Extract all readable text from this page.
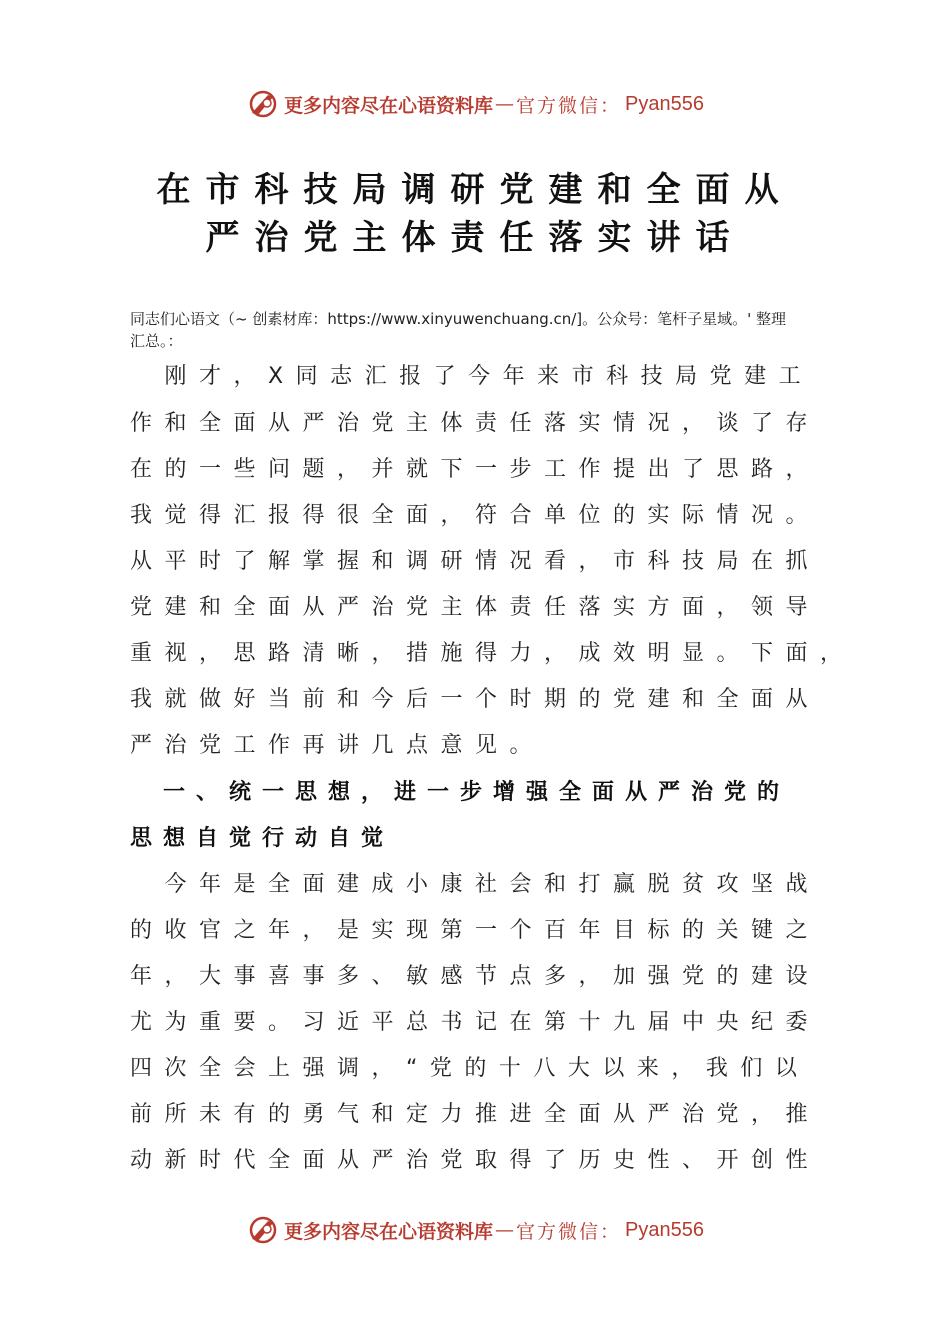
更多内容尽在心语资料库 — 官方微信： Pyan556
在市科技局调研党建和全面从
严治党主体责任落实讲话
同志们心语文（~ 创素材库：https://www.xinyuwenchuang.cn/]。公众号：笔杆子星域。' 整理
汇总。：
　刚才，X同志汇报了今年来市科技局党建工
作和全面从严治党主体责任落实情况，谈了存
在的一些问题，并就下一步工作提出了思路，
我觉得汇报得很全面，符合单位的实际情况。
从平时了解掌握和调研情况看，市科技局在抓
党建和全面从严治党主体责任落实方面，领导
重视，思路清晰，措施得力，成效明显。下面，
我就做好当前和今后一个时期的党建和全面从
严治党工作再讲几点意见。
　一、统一思想，进一步增强全面从严治党的
思想自觉行动自觉
　今年是全面建成小康社会和打赢脱贫攻坚战
的收官之年，是实现第一个百年目标的关键之
年，大事喜事多、敏感节点多，加强党的建设
尤为重要。习近平总书记在第十九届中央纪委
四次全会上强调，“党的十八大以来，我们以
前所未有的勇气和定力推进全面从严治党，推
动新时代全面从严治党取得了历史性、开创性
更多内容尽在心语资料库 — 官方微信： Pyan556
